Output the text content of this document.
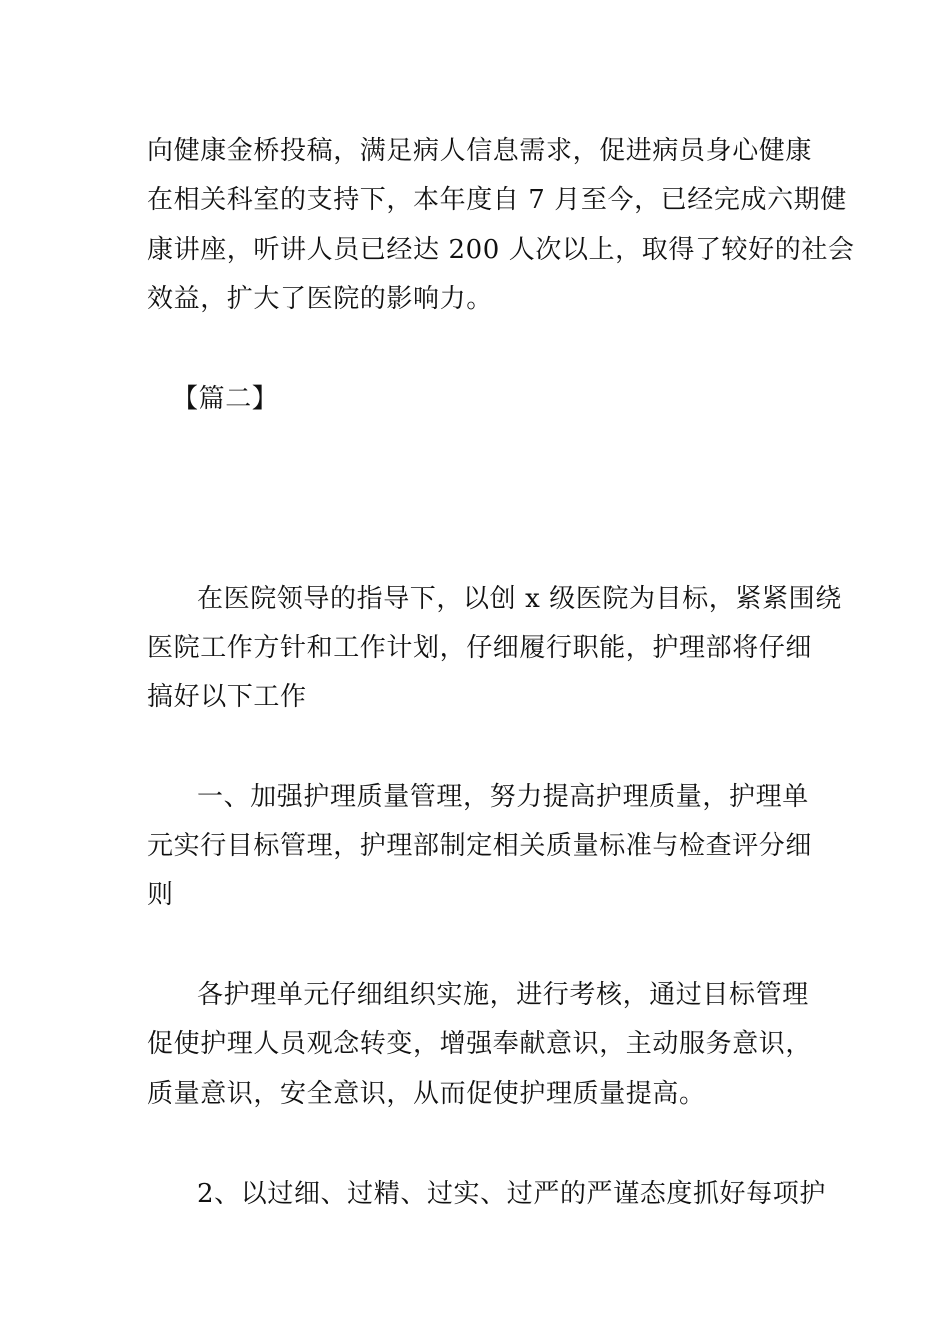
向健康金桥投稿，满足病人信息需求，促进病员身心健康
在相关科室的支持下，本年度自 7 月至今，已经完成六期健
康讲座，听讲人员已经达 200 人次以上，取得了较好的社会
效益，扩大了医院的影响力。
【篇二】
在医院领导的指导下，以创 x 级医院为目标，紧紧围绕
医院工作方针和工作计划，仔细履行职能，护理部将仔细
搞好以下工作
一、加强护理质量管理，努力提高护理质量，护理单
元实行目标管理，护理部制定相关质量标准与检查评分细
则
各护理单元仔细组织实施，进行考核，通过目标管理
促使护理人员观念转变，增强奉献意识，主动服务意识，
质量意识，安全意识，从而促使护理质量提高。
2、以过细、过精、过实、过严的严谨态度抓好每项护
